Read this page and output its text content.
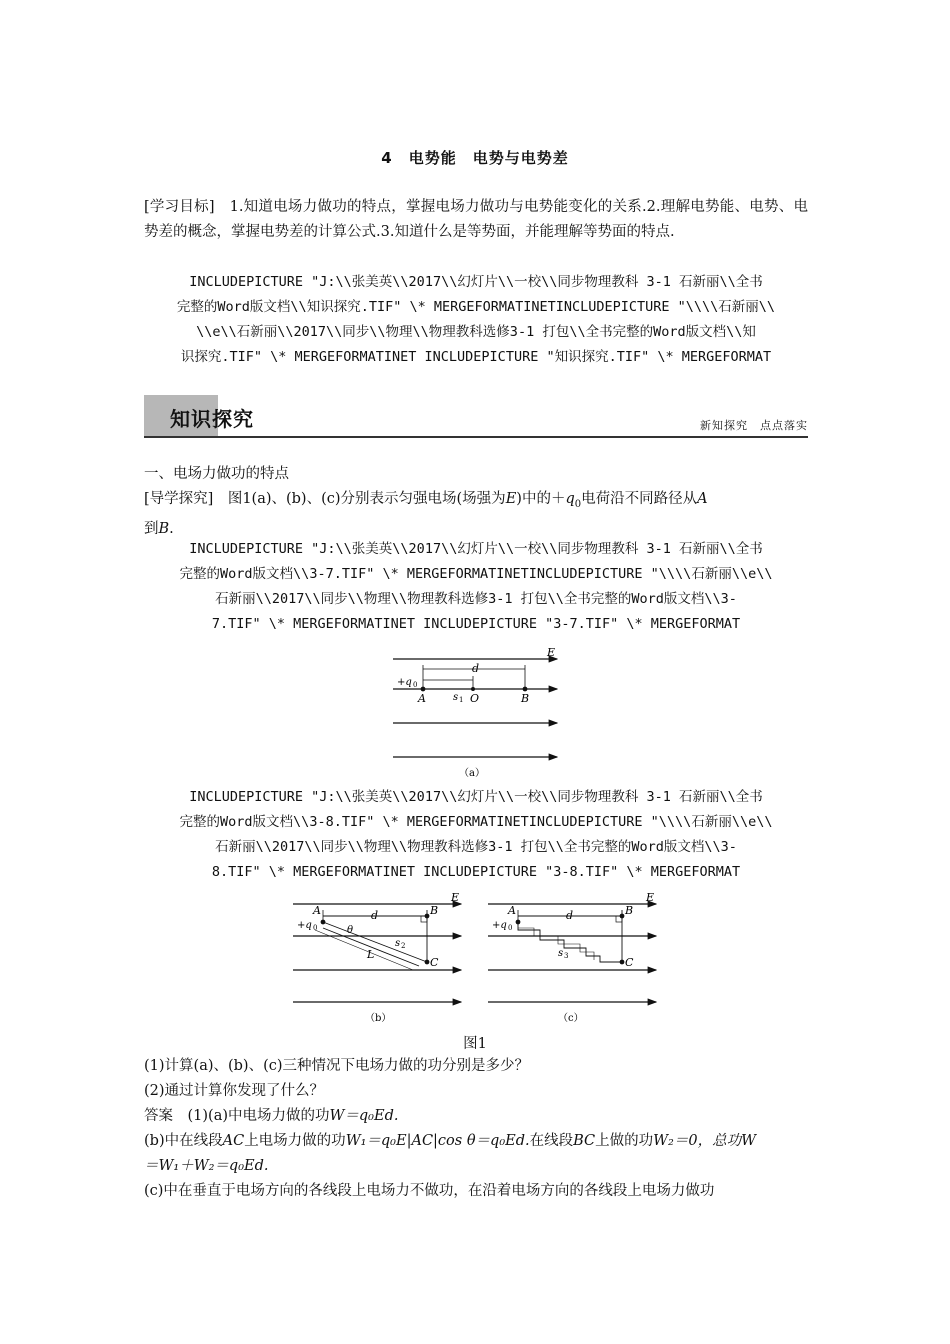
4　电势能　电势与电势差
[学习目标]　1.知道电场力做功的特点，掌握电场力做功与电势能变化的关系.2.理解电势能、电势、电势差的概念，掌握电势差的计算公式.3.知道什么是等势面，并能理解等势面的特点.
INCLUDEPICTURE "J:\\张美英\\2017\\幻灯片\\一校\\同步物理教科 3-1 石新丽\\全书
完整的Word版文档\\知识探究.TIF" \* MERGEFORMATINETINCLUDEPICTURE "\\\\石新丽\\
\\e\\石新丽\\2017\\同步\\物理\\物理教科选修3-1 打包\\全书完整的Word版文档\\知
识探究.TIF" \* MERGEFORMATINET INCLUDEPICTURE "知识探究.TIF" \* MERGEFORMAT
知识探究	新知探究　点点落实
一、电场力做功的特点
[导学探究]　图1(a)、(b)、(c)分别表示匀强电场(场强为E)中的$+q_0$电荷沿不同路径从A
到B.
INCLUDEPICTURE "J:\\张美英\\2017\\幻灯片\\一校\\同步物理教科 3-1 石新丽\\全书
完整的Word版文档\\3-7.TIF" \* MERGEFORMATINETINCLUDEPICTURE "\\\\石新丽\\e\\
石新丽\\2017\\同步\\物理\\物理教科选修3-1 打包\\全书完整的Word版文档\\3-
7.TIF" \* MERGEFORMATINET INCLUDEPICTURE "3-7.TIF" \* MERGEFORMAT
E
d
+q 0
A	s 1 O	B
（a）
INCLUDEPICTURE "J:\\张美英\\2017\\幻灯片\\一校\\同步物理教科 3-1 石新丽\\全书
完整的Word版文档\\3-8.TIF" \* MERGEFORMATINETINCLUDEPICTURE "\\\\石新丽\\e\\
石新丽\\2017\\同步\\物理\\物理教科选修3-1 打包\\全书完整的Word版文档\\3-
8.TIF" \* MERGEFORMATINET INCLUDEPICTURE "3-8.TIF" \* MERGEFORMAT
E
A	B
C
d
+q 0	θ
s 2
L
（b）
E
A	B
C
d
+q 0
s 3
（c）
图1
(1)计算(a)、(b)、(c)三种情况下电场力做的功分别是多少？
(2)通过计算你发现了什么？
答案　(1)(a)中电场力做的功W＝q₀Ed.
(b)中在线段AC上电场力做的功W₁＝q₀E|AC|cos θ＝q₀Ed.在线段BC上做的功W₂＝0，总功W
＝W₁＋W₂＝q₀Ed.
(c)中在垂直于电场方向的各线段上电场力不做功，在沿着电场方向的各线段上电场力做功
